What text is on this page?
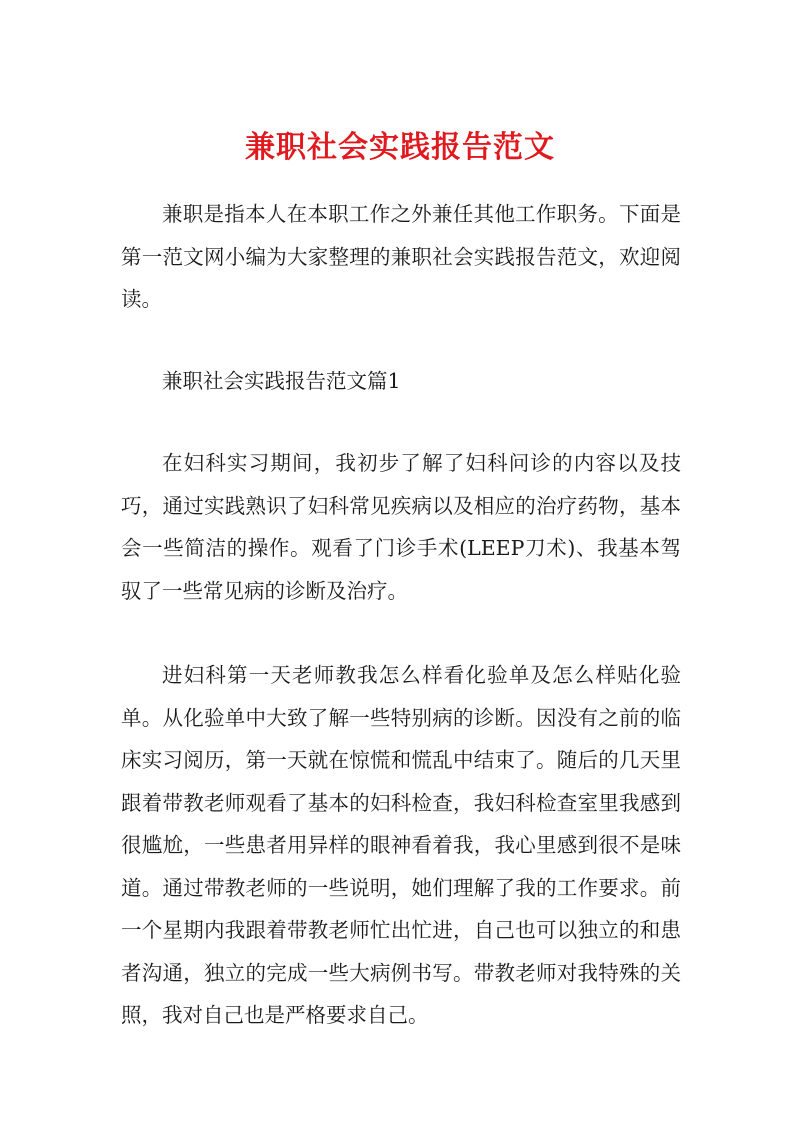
兼职社会实践报告范文

兼职是指本人在本职工作之外兼任其他工作职务。下面是第一范文网小编为大家整理的兼职社会实践报告范文，欢迎阅读。

兼职社会实践报告范文篇1

在妇科实习期间，我初步了解了妇科问诊的内容以及技巧，通过实践熟识了妇科常见疾病以及相应的治疗药物，基本会一些简洁的操作。观看了门诊手术(LEEP刀术)、我基本驾驭了一些常见病的诊断及治疗。

进妇科第一天老师教我怎么样看化验单及怎么样贴化验单。从化验单中大致了解一些特别病的诊断。因没有之前的临床实习阅历，第一天就在惊慌和慌乱中结束了。随后的几天里跟着带教老师观看了基本的妇科检查，我妇科检查室里我感到很尴尬，一些患者用异样的眼神看着我，我心里感到很不是味道。通过带教老师的一些说明，她们理解了我的工作要求。前一个星期内我跟着带教老师忙出忙进，自己也可以独立的和患者沟通，独立的完成一些大病例书写。带教老师对我特殊的关照，我对自己也是严格要求自己。
